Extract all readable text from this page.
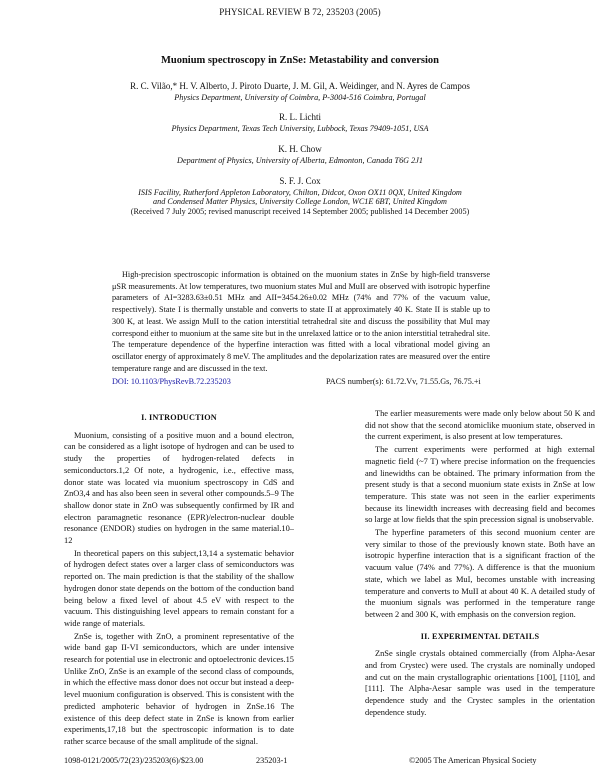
PHYSICAL REVIEW B 72, 235203 (2005)
Muonium spectroscopy in ZnSe: Metastability and conversion
R. C. Vilão,* H. V. Alberto, J. Piroto Duarte, J. M. Gil, A. Weidinger, and N. Ayres de Campos
Physics Department, University of Coimbra, P-3004-516 Coimbra, Portugal
R. L. Lichti
Physics Department, Texas Tech University, Lubbock, Texas 79409-1051, USA
K. H. Chow
Department of Physics, University of Alberta, Edmonton, Canada T6G 2J1
S. F. J. Cox
ISIS Facility, Rutherford Appleton Laboratory, Chilton, Didcot, Oxon OX11 0QX, United Kingdom
and Condensed Matter Physics, University College London, WC1E 6BT, United Kingdom
(Received 7 July 2005; revised manuscript received 14 September 2005; published 14 December 2005)
High-precision spectroscopic information is obtained on the muonium states in ZnSe by high-field transverse μSR measurements. At low temperatures, two muonium states MuI and MuII are observed with isotropic hyperfine parameters of AI=3283.63±0.51 MHz and AII=3454.26±0.02 MHz (74% and 77% of the vacuum value, respectively). State I is thermally unstable and converts to state II at approximately 40 K. State II is stable up to 300 K, at least. We assign MuII to the cation interstitial tetrahedral site and discuss the possibility that MuI may correspond either to muonium at the same site but in the unrelaxed lattice or to the anion interstitial tetrahedral site. The temperature dependence of the hyperfine interaction was fitted with a local vibrational model giving an oscillator energy of approximately 8 meV. The amplitudes and the depolarization rates are measured over the entire temperature range and are discussed in the text.
DOI: 10.1103/PhysRevB.72.235203	PACS number(s): 61.72.Vv, 71.55.Gs, 76.75.+i
I. INTRODUCTION

Muonium, consisting of a positive muon and a bound electron, can be considered as a light isotope of hydrogen and can be used to study the properties of hydrogen-related defects in semiconductors.1,2 Of note, a hydrogenic, i.e., effective mass, donor state was located via muonium spectroscopy in CdS and ZnO3,4 and has also been seen in several other compounds.5–9 The shallow donor state in ZnO was subsequently confirmed by IR and electron paramagnetic resonance (EPR)/electron-nuclear double resonance (ENDOR) studies on hydrogen in the same material.10–12

In theoretical papers on this subject,13,14 a systematic behavior of hydrogen defect states over a larger class of semiconductors was reported on. The main prediction is that the stability of the shallow hydrogen donor state depends on the bottom of the conduction band being below a fixed level of about 4.5 eV with respect to the vacuum. This distinguishing level appears to remain constant for a wide range of materials.

ZnSe is, together with ZnO, a prominent representative of the wide band gap II-VI semiconductors, which are under intensive research for potential use in electronic and optoelectronic devices.15 Unlike ZnO, ZnSe is an example of the second class of compounds, in which the effective mass donor does not occur but instead a deep-level muonium configuration is observed. This is consistent with the predicted amphoteric behavior of hydrogen in ZnSe.16 The existence of this deep defect state in ZnSe is known from earlier experiments,17,18 but the spectroscopic information is to date rather scarce because of the small amplitude of the signal.

The earlier measurements were made only below about 50 K and did not show that the second atomiclike muonium state, observed in the current experiment, is also present at low temperatures.

The current experiments were performed at high external magnetic field (~7 T) where precise information on the frequencies and linewidths can be obtained. The primary information from the present study is that a second muonium state exists in ZnSe at low temperature. This state was not seen in the earlier experiments because its linewidth increases with decreasing field and becomes so large at low fields that the spin precession signal is unobservable.

The hyperfine parameters of this second muonium center are very similar to those of the previously known state. Both have an isotropic hyperfine interaction that is a significant fraction of the vacuum value (74% and 77%). A difference is that the muonium state, which we label as MuI, becomes unstable with increasing temperature and converts to MuII at about 40 K. A detailed study of the muonium signals was performed in the temperature range between 2 and 300 K, with emphasis on the conversion region.

II. EXPERIMENTAL DETAILS

ZnSe single crystals obtained commercially (from Alpha-Aesar and from Crystec) were used. The crystals are nominally undoped and cut on the main crystallographic orientations [100], [110], and [111]. The Alpha-Aesar sample was used in the temperature dependence study and the Crystec samples in the orientation dependence study.

1098-0121/2005/72(23)/235203(6)/$23.00	235203-1	©2005 The American Physical Society
